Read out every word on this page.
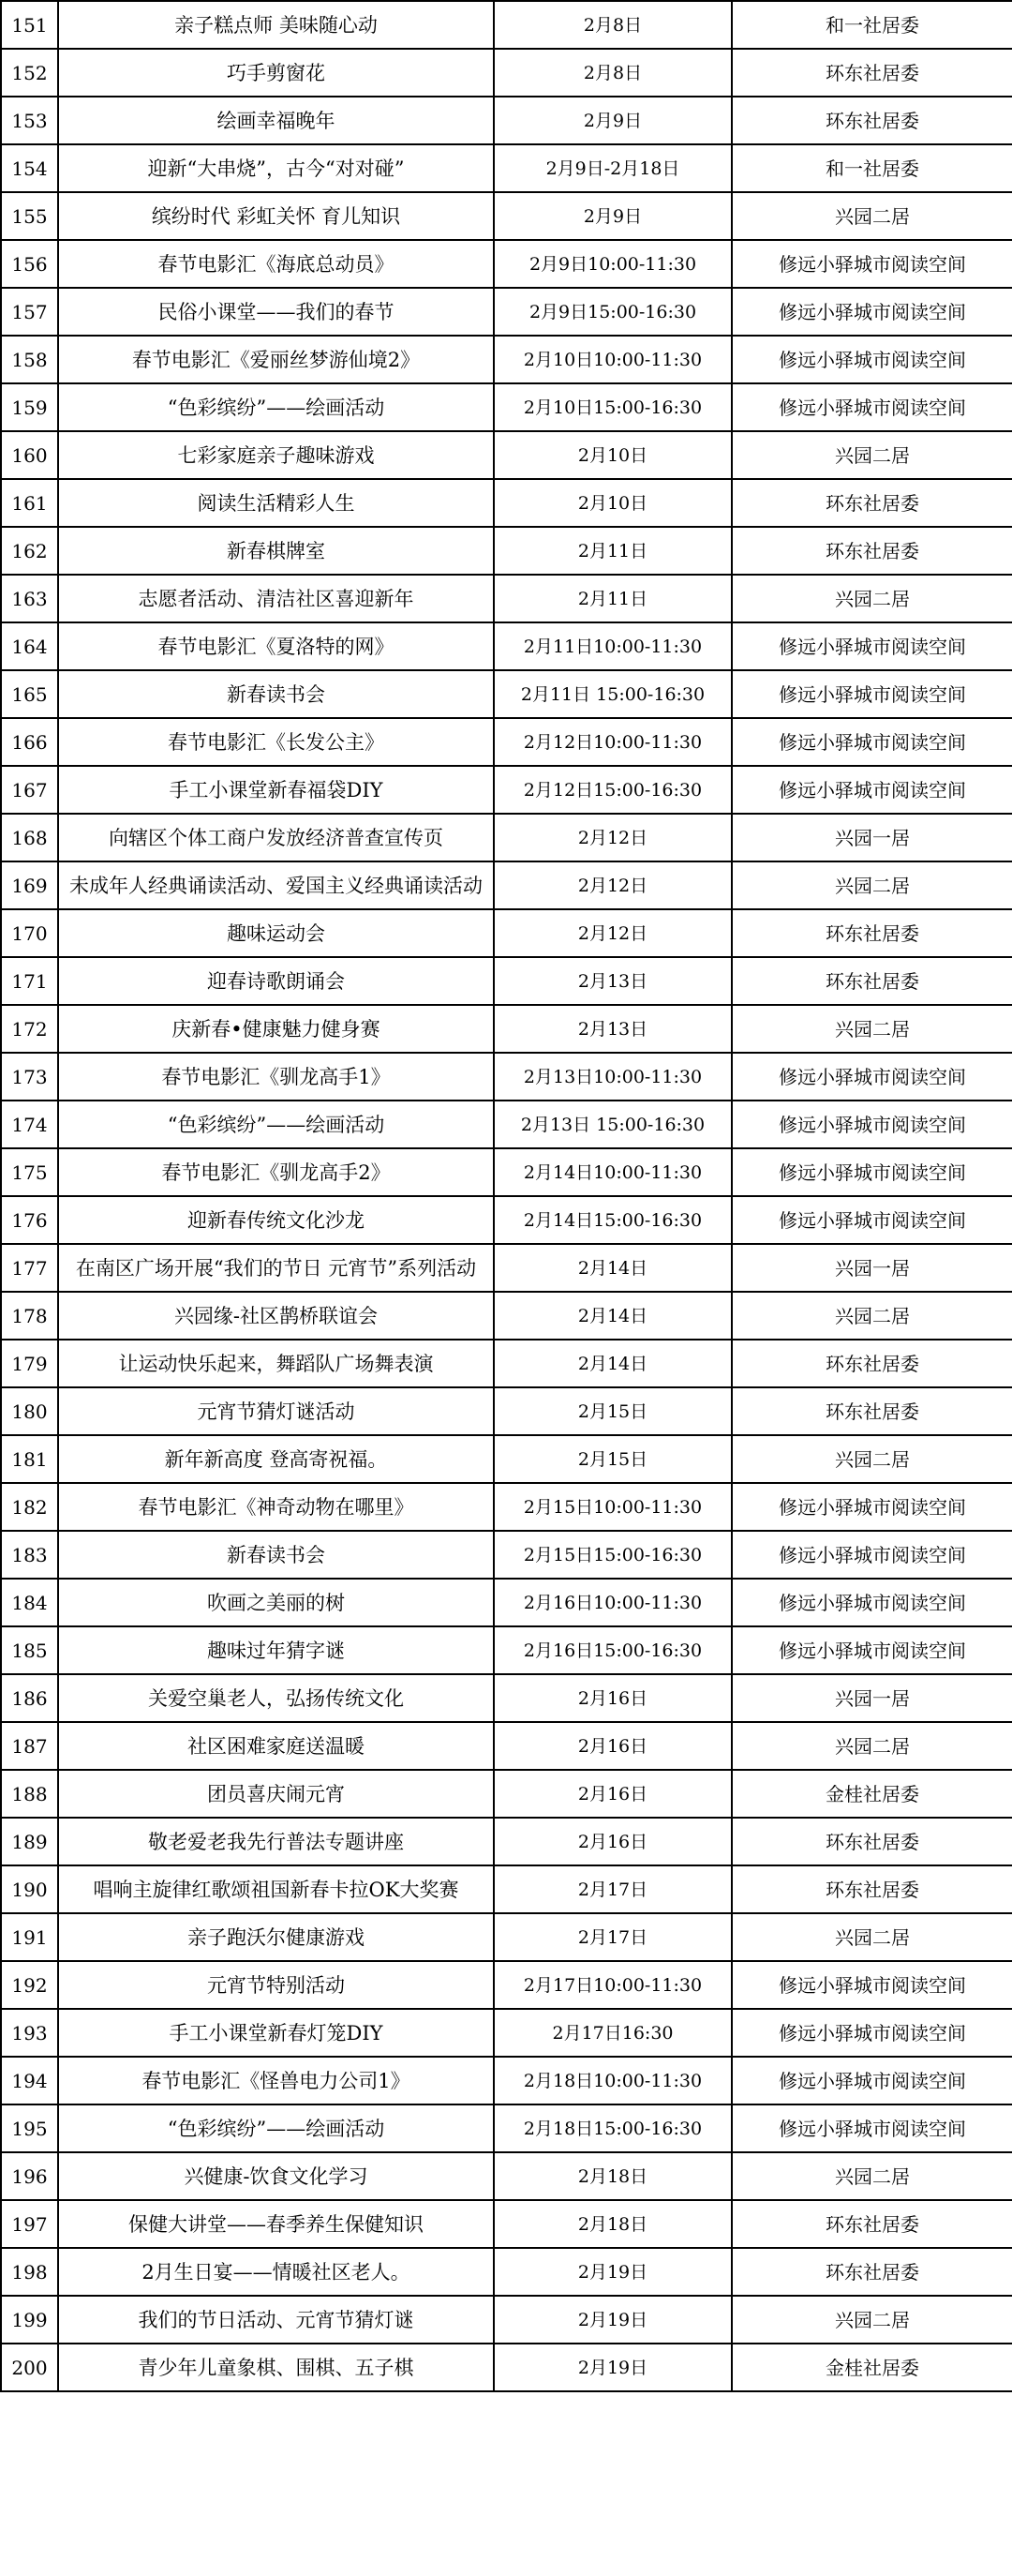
151	亲子糕点师 美味随心动	2月8日	和一社居委
152	巧手剪窗花	2月8日	环东社居委
153	绘画幸福晚年	2月9日	环东社居委
154	迎新“大串烧”，古今“对对碰”	2月9日-2月18日	和一社居委
155	缤纷时代 彩虹关怀 育儿知识	2月9日	兴园二居
156	春节电影汇《海底总动员》	2月9日10:00-11:30	修远小驿城市阅读空间
157	民俗小课堂——我们的春节	2月9日15:00-16:30	修远小驿城市阅读空间
158	春节电影汇《爱丽丝梦游仙境2》	2月10日10:00-11:30	修远小驿城市阅读空间
159	“色彩缤纷”——绘画活动	2月10日15:00-16:30	修远小驿城市阅读空间
160	七彩家庭亲子趣味游戏	2月10日	兴园二居
161	阅读生活精彩人生	2月10日	环东社居委
162	新春棋牌室	2月11日	环东社居委
163	志愿者活动、清洁社区喜迎新年	2月11日	兴园二居
164	春节电影汇《夏洛特的网》	2月11日10:00-11:30	修远小驿城市阅读空间
165	新春读书会	2月11日 15:00-16:30	修远小驿城市阅读空间
166	春节电影汇《长发公主》	2月12日10:00-11:30	修远小驿城市阅读空间
167	手工小课堂新春福袋DIY	2月12日15:00-16:30	修远小驿城市阅读空间
168	向辖区个体工商户发放经济普查宣传页	2月12日	兴园一居
169	未成年人经典诵读活动、爱国主义经典诵读活动	2月12日	兴园二居
170	趣味运动会	2月12日	环东社居委
171	迎春诗歌朗诵会	2月13日	环东社居委
172	庆新春•健康魅力健身赛	2月13日	兴园二居
173	春节电影汇《驯龙高手1》	2月13日10:00-11:30	修远小驿城市阅读空间
174	“色彩缤纷”——绘画活动	2月13日 15:00-16:30	修远小驿城市阅读空间
175	春节电影汇《驯龙高手2》	2月14日10:00-11:30	修远小驿城市阅读空间
176	迎新春传统文化沙龙	2月14日15:00-16:30	修远小驿城市阅读空间
177	在南区广场开展“我们的节日 元宵节”系列活动	2月14日	兴园一居
178	兴园缘-社区鹊桥联谊会	2月14日	兴园二居
179	让运动快乐起来，舞蹈队广场舞表演	2月14日	环东社居委
180	元宵节猜灯谜活动	2月15日	环东社居委
181	新年新高度 登高寄祝福。	2月15日	兴园二居
182	春节电影汇《神奇动物在哪里》	2月15日10:00-11:30	修远小驿城市阅读空间
183	新春读书会	2月15日15:00-16:30	修远小驿城市阅读空间
184	吹画之美丽的树	2月16日10:00-11:30	修远小驿城市阅读空间
185	趣味过年猜字谜	2月16日15:00-16:30	修远小驿城市阅读空间
186	关爱空巢老人，弘扬传统文化	2月16日	兴园一居
187	社区困难家庭送温暖	2月16日	兴园二居
188	团员喜庆闹元宵	2月16日	金桂社居委
189	敬老爱老我先行普法专题讲座	2月16日	环东社居委
190	唱响主旋律红歌颂祖国新春卡拉OK大奖赛	2月17日	环东社居委
191	亲子跑沃尔健康游戏	2月17日	兴园二居
192	元宵节特别活动	2月17日10:00-11:30	修远小驿城市阅读空间
193	手工小课堂新春灯笼DIY	2月17日16:30	修远小驿城市阅读空间
194	春节电影汇《怪兽电力公司1》	2月18日10:00-11:30	修远小驿城市阅读空间
195	“色彩缤纷”——绘画活动	2月18日15:00-16:30	修远小驿城市阅读空间
196	兴健康-饮食文化学习	2月18日	兴园二居
197	保健大讲堂——春季养生保健知识	2月18日	环东社居委
198	2月生日宴——情暖社区老人。	2月19日	环东社居委
199	我们的节日活动、元宵节猜灯谜	2月19日	兴园二居
200	青少年儿童象棋、围棋、五子棋	2月19日	金桂社居委
